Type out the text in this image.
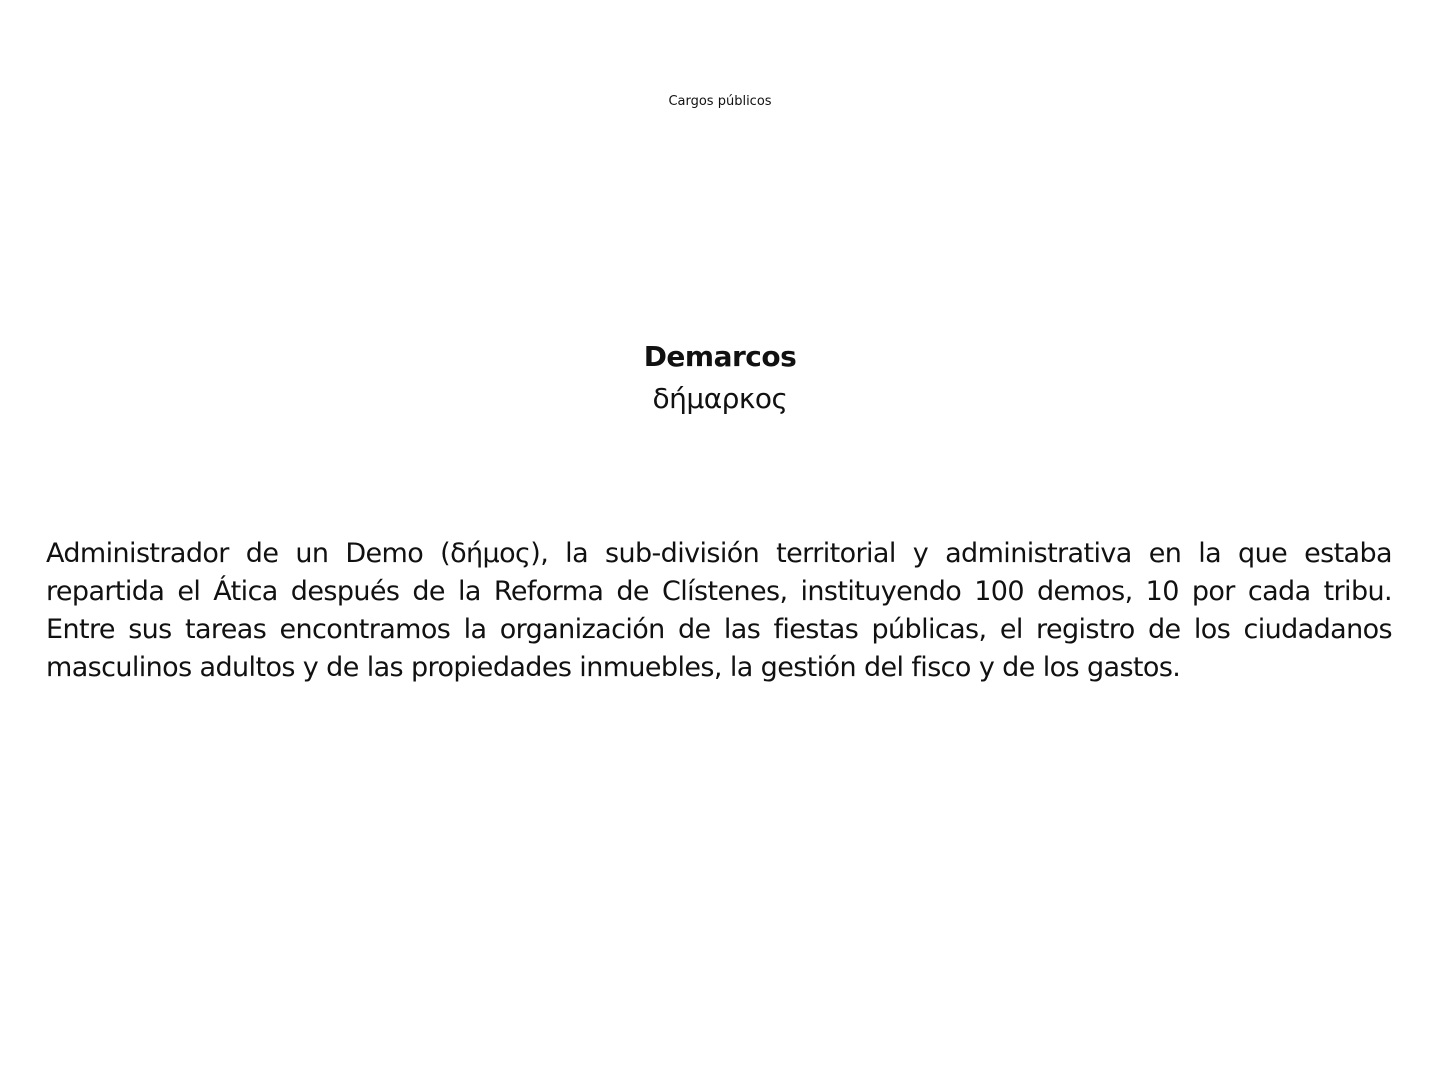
Cargos públicos
Demarcos
δήμαρκος
Administrador de un Demo (δήμος), la sub-división territorial y administrativa en la que estaba repartida el Ática después de la Reforma de Clístenes, instituyendo 100 demos, 10 por cada tribu. Entre sus tareas encontramos la organización de las fiestas públicas, el registro de los ciudadanos  masculinos adultos y de las propiedades inmuebles, la gestión del fisco y de los gastos.
